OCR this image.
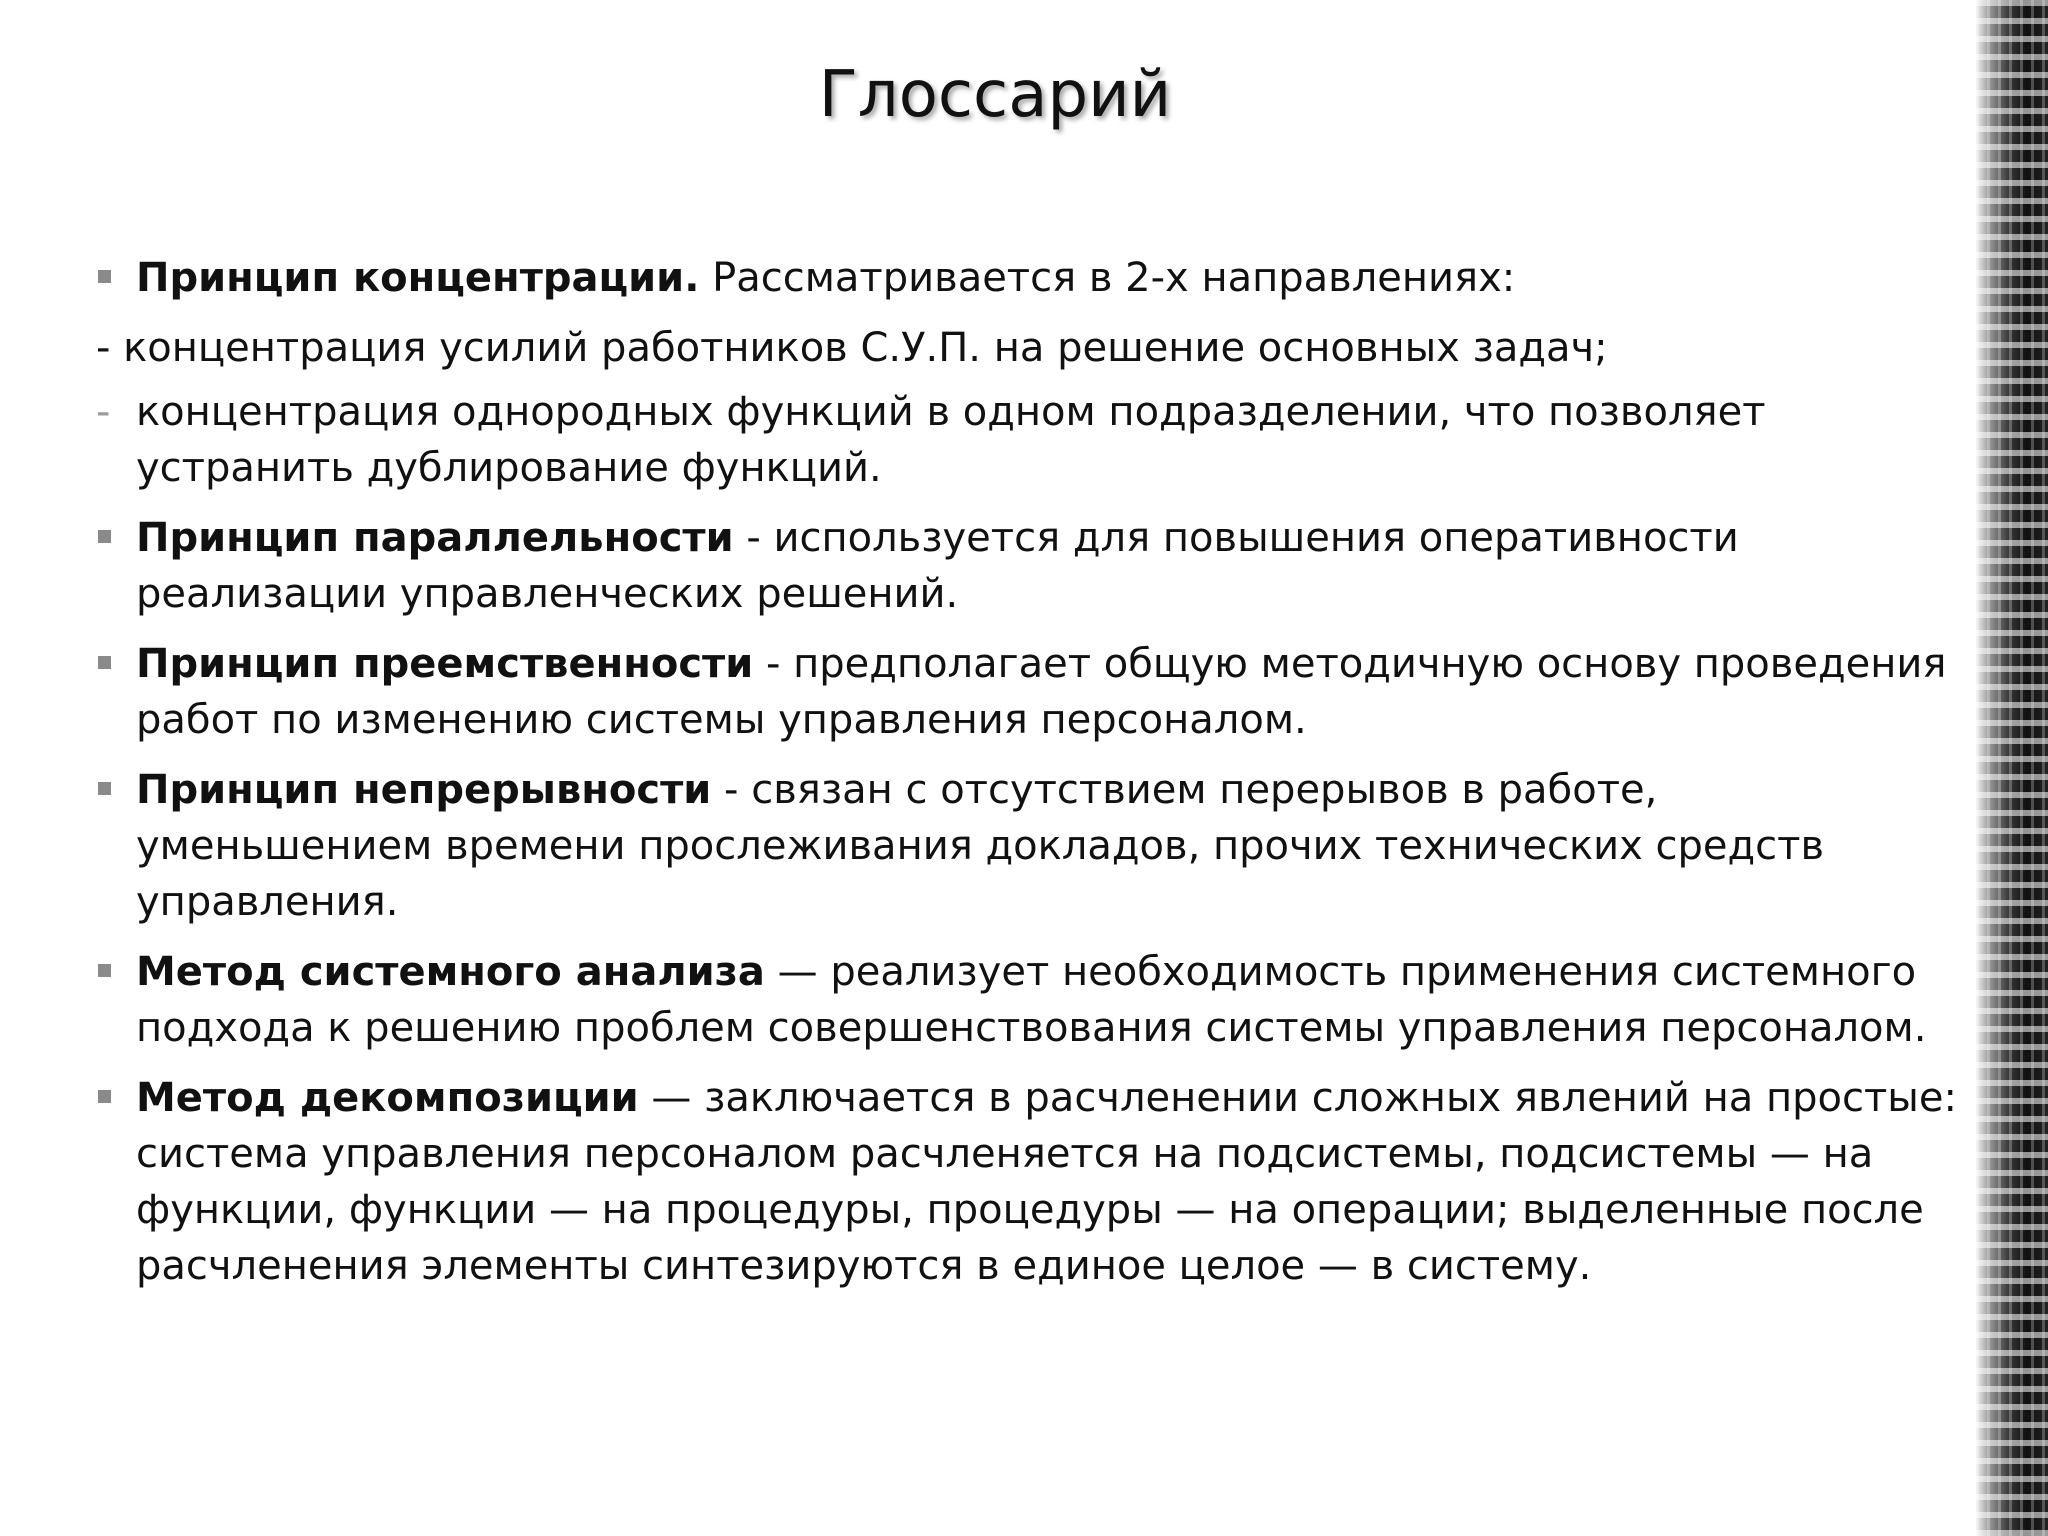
Глоссарий
Принцип концентрации. Рассматривается в 2-х направлениях:
- концентрация усилий работников С.У.П. на решение основных задач;
- концентрация однородных функций в одном подразделении, что позволяет устранить дублирование функций.
Принцип параллельности - используется для повышения оперативности реализации управленческих решений.
Принцип преемственности - предполагает общую методичную основу проведения работ по изменению системы управления персоналом.
Принцип непрерывности - связан с отсутствием перерывов в работе, уменьшением времени прослеживания докладов, прочих технических средств управления.
Метод системного анализа — реализует необходимость применения системного подхода к решению проблем совершенствования системы управления персоналом.
Метод декомпозиции — заключается в расчленении сложных явлений на простые: система управления персоналом расчленяется на подсистемы, подсистемы — на функции, функции — на процедуры, процедуры — на операции; выделенные после расчленения элементы синтезируются в единое целое — в систему.
